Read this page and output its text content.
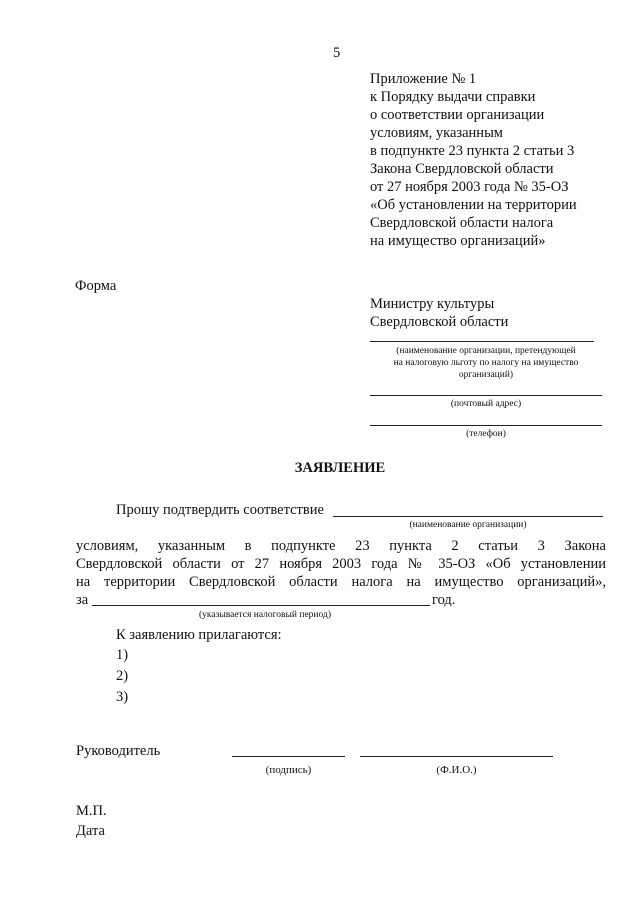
5
Приложение № 1
к Порядку выдачи справки
о соответствии организации
условиям, указанным
в подпункте 23 пункта 2 статьи 3
Закона Свердловской области
от 27 ноября 2003 года № 35-ОЗ
«Об установлении на территории
Свердловской области налога
на имущество организаций»
Форма
Министру культуры
Свердловской области
(наименование организации, претендующей
на налоговую льготу по налогу на имущество
организаций)
(почтовый адрес)
(телефон)
ЗАЯВЛЕНИЕ
Прошу подтвердить соответствие
(наименование организации)
условиям, указанным в подпункте 23 пункта 2 статьи 3 Закона
Свердловской области от 27 ноября 2003 года № 35-ОЗ «Об установлении
на территории Свердловской области налога на имущество организаций»,
за	год.
(указывается налоговый период)
К заявлению прилагаются:
1)
2)
3)
Руководитель
(подпись)	(Ф.И.О.)
М.П.
Дата
